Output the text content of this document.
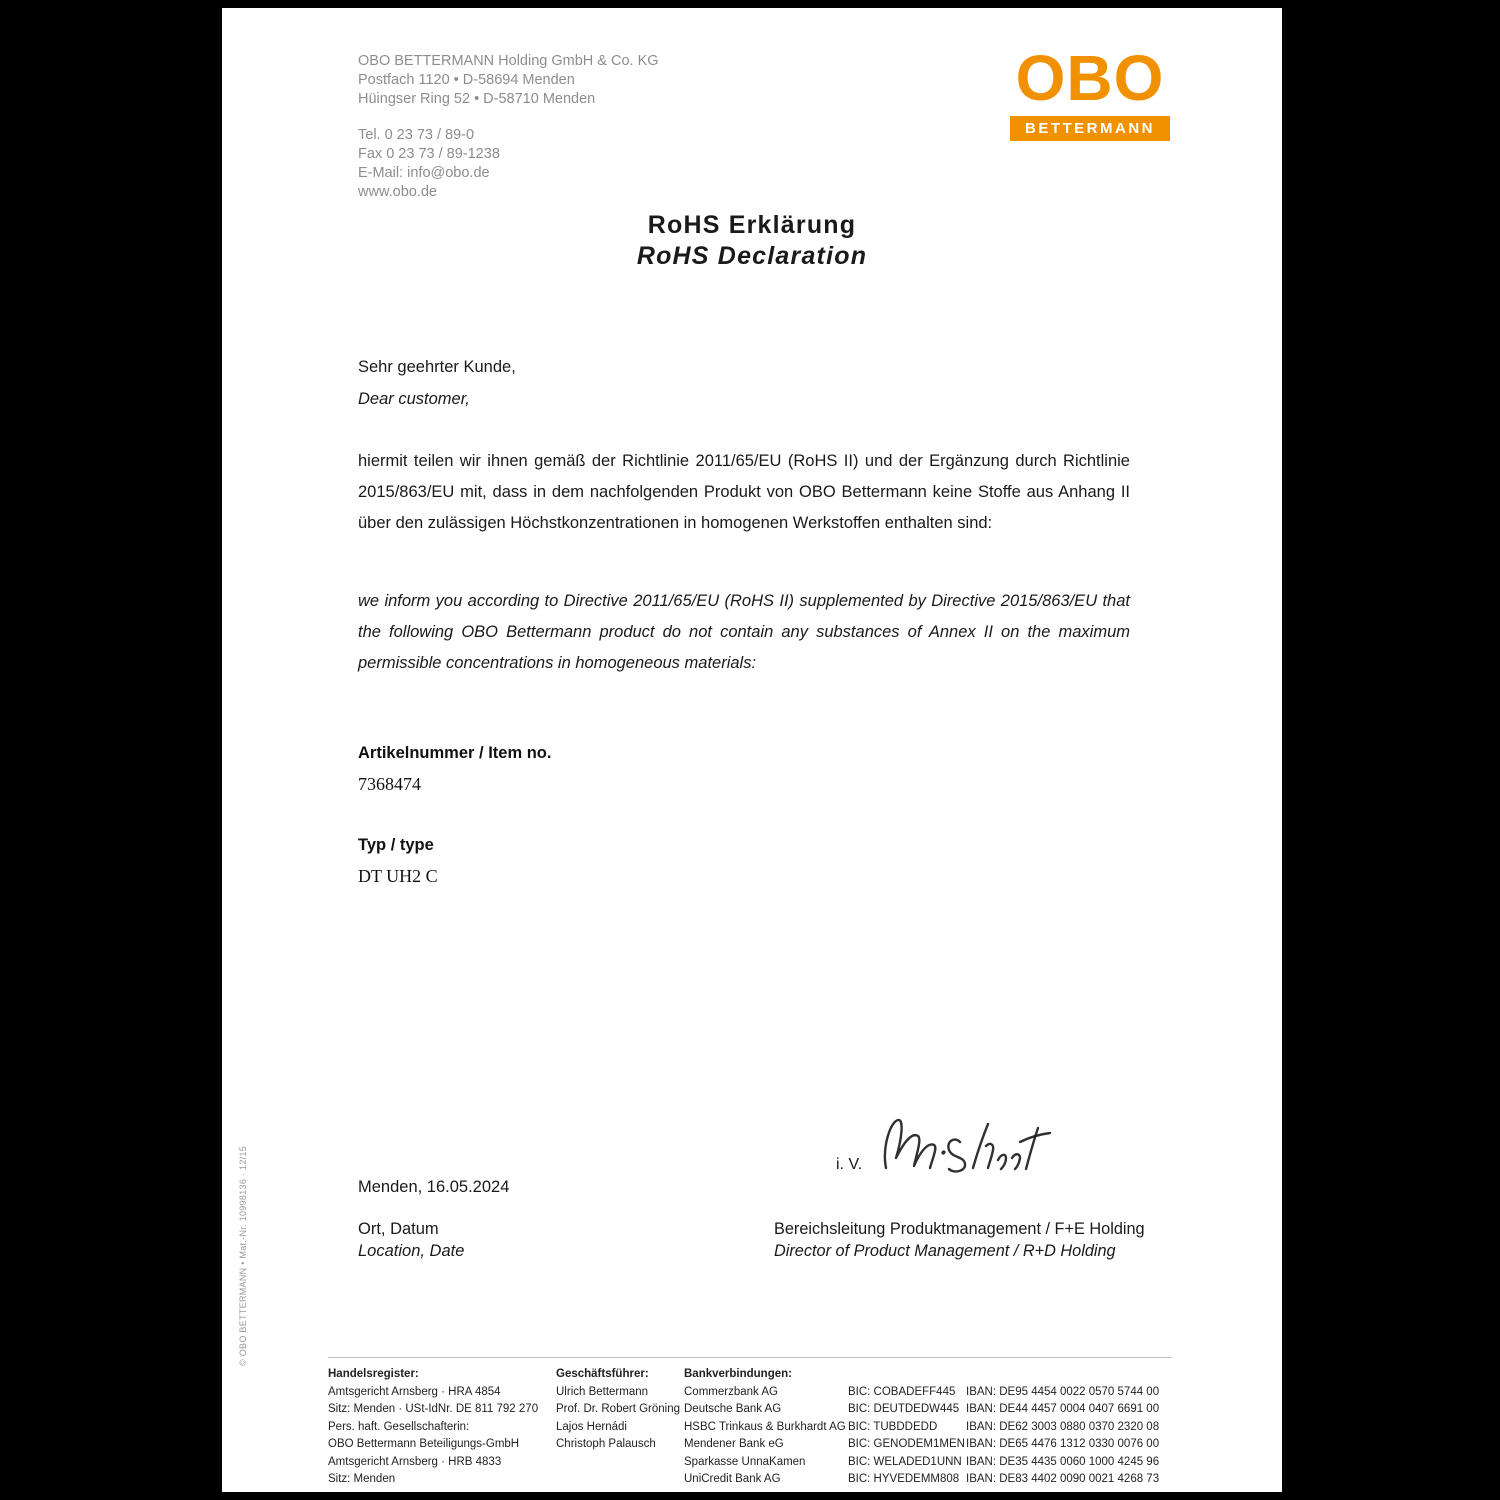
OBO BETTERMANN Holding GmbH & Co. KG
Postfach 1120 • D-58694 Menden
Hüingser Ring 52 • D-58710 Menden
Tel. 0 23 73 / 89-0
Fax 0 23 73 / 89-1238
E-Mail: info@obo.de
www.obo.de
OBO
BETTERMANN
RoHS Erklärung
RoHS Declaration
Sehr geehrter Kunde,
Dear customer,
hiermit teilen wir ihnen gemäß der Richtlinie 2011/65/EU (RoHS II) und der Ergänzung durch Richtlinie 2015/863/EU mit, dass in dem nachfolgenden Produkt von OBO Bettermann keine Stoffe aus Anhang II über den zulässigen Höchstkonzentrationen in homogenen Werkstoffen enthalten sind:
we inform you according to Directive 2011/65/EU (RoHS II) supplemented by Directive 2015/863/EU that the following OBO Bettermann product do not contain any substances of Annex II on the maximum permissible concentrations in homogeneous materials:
Artikelnummer / Item no.
7368474
Typ / type
DT UH2 C
i. V.
Menden, 16.05.2024
Ort, Datum
Location, Date
Bereichsleitung Produktmanagement / F+E Holding
Director of Product Management / R+D Holding
Handelsregister:
Amtsgericht Arnsberg · HRA 4854
Sitz: Menden · USt-IdNr. DE 811 792 270
Pers. haft. Gesellschafterin:
OBO Bettermann Beteiligungs-GmbH
Amtsgericht Arnsberg · HRB 4833
Sitz: Menden
Geschäftsführer:
Ulrich Bettermann
Prof. Dr. Robert Gröning
Lajos Hernádi
Christoph Palausch
Bankverbindungen:
Commerzbank AG	BIC: COBADEFF445 IBAN: DE95 4454 0022 0570 5744 00
Deutsche Bank AG	BIC: DEUTDEDW445 IBAN: DE44 4457 0004 0407 6691 00
HSBC Trinkaus & Burkhardt AG BIC: TUBDDEDD	IBAN: DE62 3003 0880 0370 2320 08
Mendener Bank eG	BIC: GENODEM1MEN IBAN: DE65 4476 1312 0330 0076 00
Sparkasse UnnaKamen	BIC: WELADED1UNN IBAN: DE35 4435 0060 1000 4245 96
UniCredit Bank AG	BIC: HYVEDEMM808 IBAN: DE83 4402 0090 0021 4268 73
© OBO BETTERMANN • Mat.-Nr. 10998136 · 12/15
